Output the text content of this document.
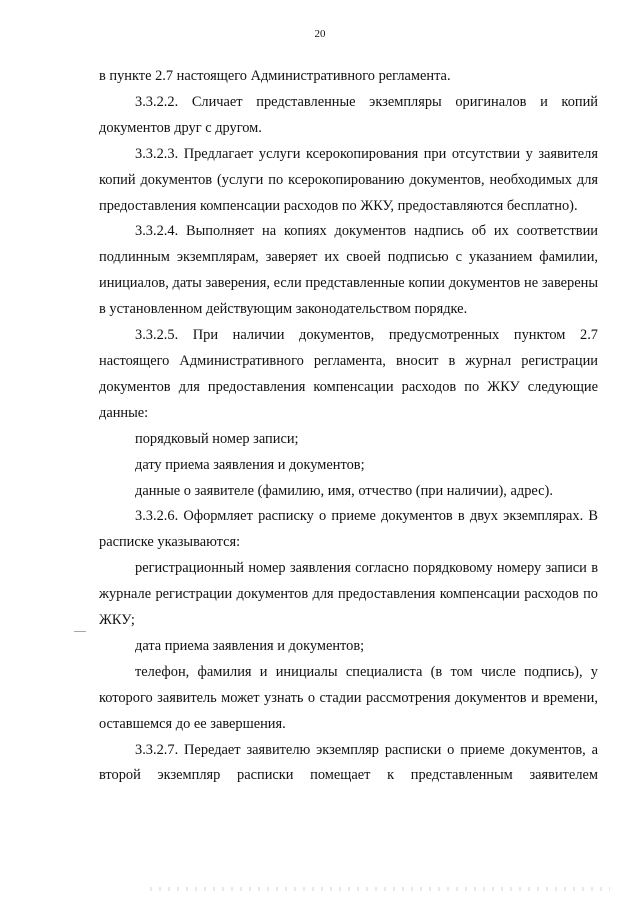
20

в пункте 2.7 настоящего Административного регламента.

3.3.2.2. Сличает представленные экземпляры оригиналов и копий документов друг с другом.

3.3.2.3. Предлагает услуги ксерокопирования при отсутствии у заявителя копий документов (услуги по ксерокопированию документов, необходимых для предоставления компенсации расходов по ЖКУ, предоставляются бесплатно).

3.3.2.4. Выполняет на копиях документов надпись об их соответствии подлинным экземплярам, заверяет их своей подписью с указанием фамилии, инициалов, даты заверения, если представленные копии документов не заверены в установленном действующим законодательством порядке.

3.3.2.5. При наличии документов, предусмотренных пунктом 2.7 настоящего Административного регламента, вносит в журнал регистрации документов для предоставления компенсации расходов по ЖКУ следующие данные:

порядковый номер записи;

дату приема заявления и документов;

данные о заявителе (фамилию, имя, отчество (при наличии), адрес).

3.3.2.6. Оформляет расписку о приеме документов в двух экземплярах. В расписке указываются:

регистрационный номер заявления согласно порядковому номеру записи в журнале регистрации документов для предоставления компенсации расходов по ЖКУ;

дата приема заявления и документов;

телефон, фамилия и инициалы специалиста (в том числе подпись), у которого заявитель может узнать о стадии рассмотрения документов и времени, оставшемся до ее завершения.

3.3.2.7. Передает заявителю экземпляр расписки о приеме документов, а второй экземпляр расписки помещает к представленным заявителем
